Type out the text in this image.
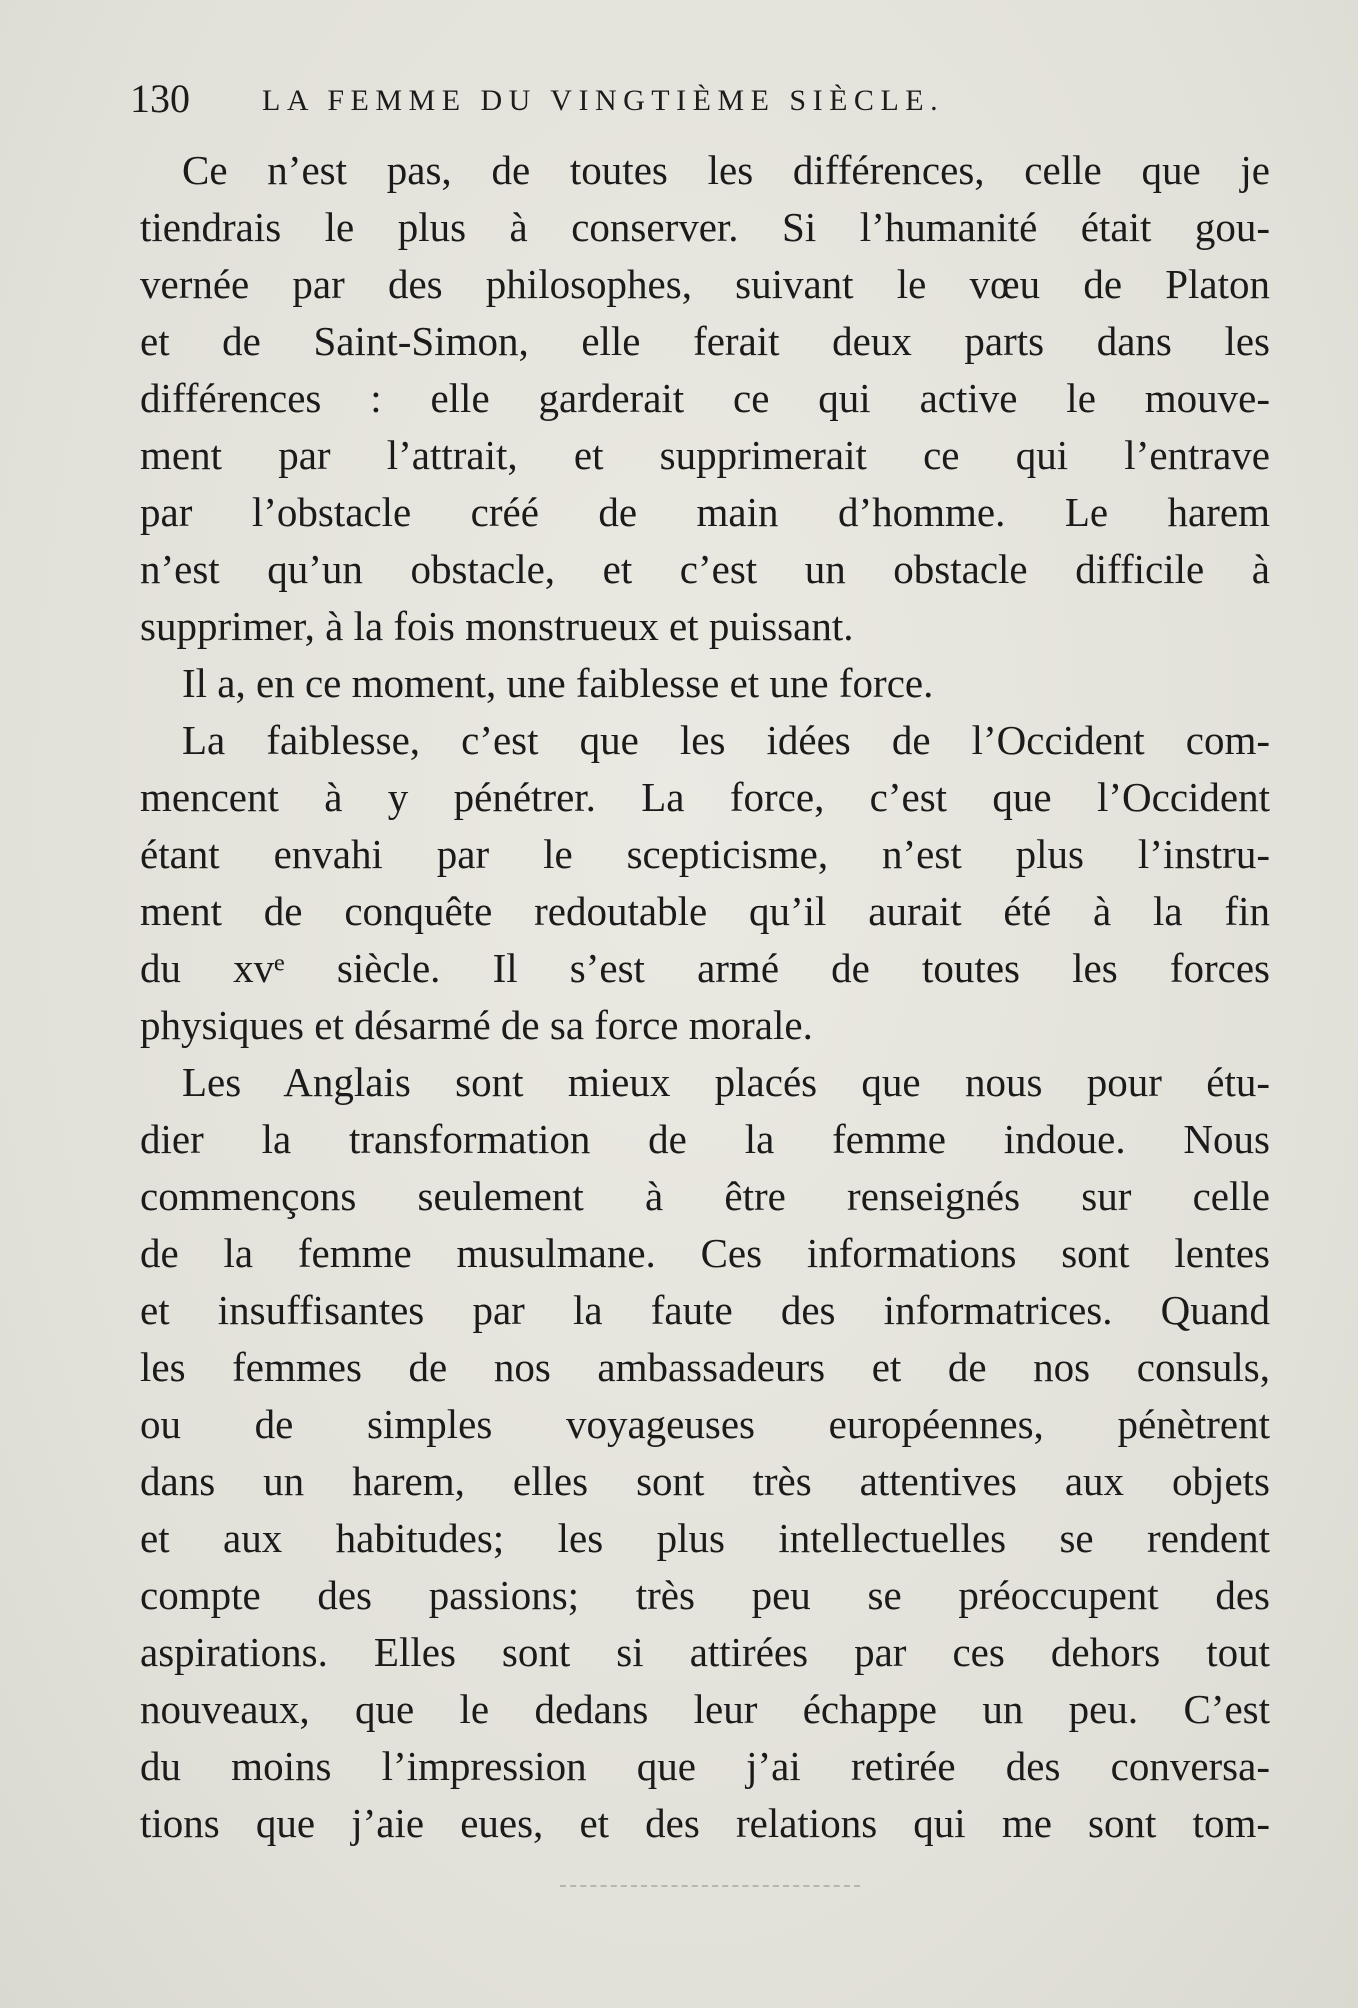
130 LA FEMME DU VINGTIÈME SIÈCLE.
Ce n’est pas, de toutes les différences, celle que je
tiendrais le plus à conserver. Si l’humanité était gou-
vernée par des philosophes, suivant le vœu de Platon
et de Saint-Simon, elle ferait deux parts dans les
différences : elle garderait ce qui active le mouve-
ment par l’attrait, et supprimerait ce qui l’entrave
par l’obstacle créé de main d’homme. Le harem
n’est qu’un obstacle, et c’est un obstacle difficile à
supprimer, à la fois monstrueux et puissant.
Il a, en ce moment, une faiblesse et une force.
La faiblesse, c’est que les idées de l’Occident com-
mencent à y pénétrer. La force, c’est que l’Occident
étant envahi par le scepticisme, n’est plus l’instru-
ment de conquête redoutable qu’il aurait été à la fin
du xvᵉ siècle. Il s’est armé de toutes les forces
physiques et désarmé de sa force morale.
Les Anglais sont mieux placés que nous pour étu-
dier la transformation de la femme indoue. Nous
commençons seulement à être renseignés sur celle
de la femme musulmane. Ces informations sont lentes
et insuffisantes par la faute des informatrices. Quand
les femmes de nos ambassadeurs et de nos consuls,
ou de simples voyageuses européennes, pénètrent
dans un harem, elles sont très attentives aux objets
et aux habitudes; les plus intellectuelles se rendent
compte des passions; très peu se préoccupent des
aspirations. Elles sont si attirées par ces dehors tout
nouveaux, que le dedans leur échappe un peu. C’est
du moins l’impression que j’ai retirée des conversa-
tions que j’aie eues, et des relations qui me sont tom-
